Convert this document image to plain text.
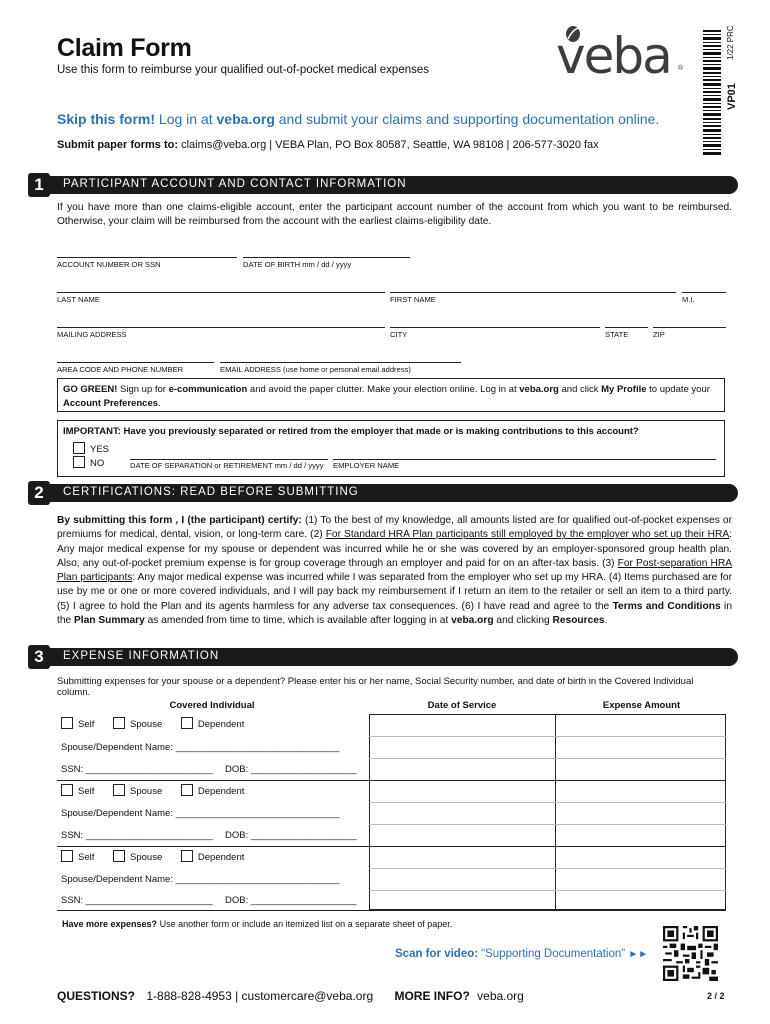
Claim Form
Use this form to reimburse your qualified out-of-pocket medical expenses	veba ®
VP01
1/22 PRC
Skip this form! Log in at veba.org and submit your claims and supporting documentation online.
Submit paper forms to: claims@veba.org | VEBA Plan, PO Box 80587, Seattle, WA 98108 | 206-577-3020 fax
1	PARTICIPANT ACCOUNT AND CONTACT INFORMATION
If you have more than one claims-eligible account, enter the participant account number of the account from which you want to be reimbursed. Otherwise, your claim will be reimbursed from the account with the earliest claims-eligibility date.
ACCOUNT NUMBER OR SSN	DATE OF BIRTH mm / dd / yyyy
LAST NAME	FIRST NAME	M.I.
MAILING ADDRESS	CITY	STATE	ZIP
AREA CODE AND PHONE NUMBER	EMAIL ADDRESS (use home or personal email address)
GO GREEN! Sign up for e-communication and avoid the paper clutter. Make your election online. Log in at veba.org and click My Profile to update your Account Preferences.
IMPORTANT: Have you previously separated or retired from the employer that made or is making contributions to this account?
YES
NO	DATE OF SEPARATION or RETIREMENT mm / dd / yyyy EMPLOYER NAME
2	CERTIFICATIONS: READ BEFORE SUBMITTING
By submitting this form , I (the participant) certify: (1) To the best of my knowledge, all amounts listed are for qualified out-of-pocket expenses or premiums for medical, dental, vision, or long-term care. (2) For Standard HRA Plan participants still employed by the employer who set up their HRA: Any major medical expense for my spouse or dependent was incurred while he or she was covered by an employer-sponsored group health plan. Also, any out-of-pocket premium expense is for group coverage through an employer and paid for on an after-tax basis. (3) For Post-separation HRA Plan participants: Any major medical expense was incurred while I was separated from the employer who set up my HRA. (4) Items purchased are for use by me or one or more covered individuals, and I will pay back my reimbursement if I return an item to the retailer or sell an item to a third party. (5) I agree to hold the Plan and its agents harmless for any adverse tax consequences. (6) I have read and agree to the Terms and Conditions in the Plan Summary as amended from time to time, which is available after logging in at veba.org and clicking Resources.
3	EXPENSE INFORMATION
Submitting expenses for your spouse or a dependent? Please enter his or her name, Social Security number, and date of birth in the Covered Individual column.
Covered Individual	Date of Service	Expense Amount
Self	Spouse	Dependent
Spouse/Dependent Name: _______________________________
SSN: ________________________ DOB: ____________________
Self	Spouse	Dependent
Spouse/Dependent Name: _______________________________
SSN: ________________________ DOB: ____________________
Self	Spouse	Dependent
Spouse/Dependent Name: _______________________________
SSN: ________________________ DOB: ____________________
Have more expenses? Use another form or include an itemized list on a separate sheet of paper.
Scan for video: “Supporting Documentation” ►►
QUESTIONS? 1-888-828-4953 | customercare@veba.org MORE INFO? veba.org	2 / 2
